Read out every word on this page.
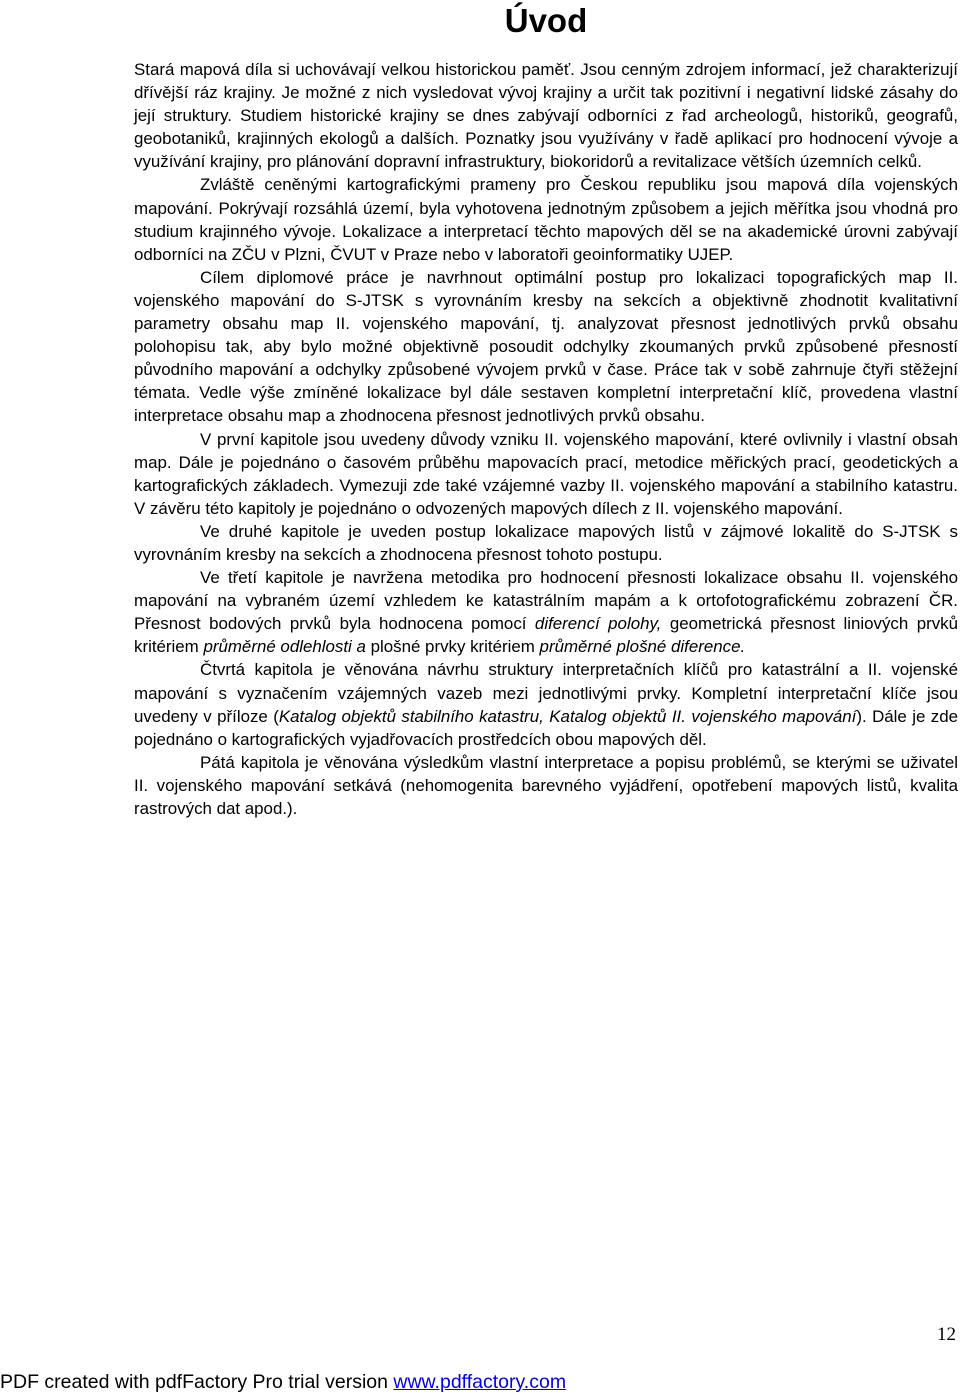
Úvod

Stará mapová díla si uchovávají velkou historickou paměť. Jsou cenným zdrojem informací, jež charakterizují dřívější ráz krajiny. Je možné z nich vysledovat vývoj krajiny a určit tak pozitivní i negativní lidské zásahy do její struktury. Studiem historické krajiny se dnes zabývají odborníci z řad archeologů, historiků, geografů, geobotaniků, krajinných ekologů a dalších. Poznatky jsou využívány v řadě aplikací pro hodnocení vývoje a využívání krajiny, pro plánování dopravní infrastruktury, biokoridorů a revitalizace větších územních celků.

Zvláště ceněnými kartografickými prameny pro Českou republiku jsou mapová díla vojenských mapování. Pokrývají rozsáhlá území, byla vyhotovena jednotným způsobem a jejich měřítka jsou vhodná pro studium krajinného vývoje. Lokalizace a interpretací těchto mapových děl se na akademické úrovni zabývají odborníci na ZČU v Plzni, ČVUT v Praze nebo v laboratoři geoinformatiky UJEP.

Cílem diplomové práce je navrhnout optimální postup pro lokalizaci topografických map II. vojenského mapování do S-JTSK s vyrovnáním kresby na sekcích a objektivně zhodnotit kvalitativní parametry obsahu map II. vojenského mapování, tj. analyzovat přesnost jednotlivých prvků obsahu polohopisu tak, aby bylo možné objektivně posoudit odchylky zkoumaných prvků způsobené přesností původního mapování a odchylky způsobené vývojem prvků v čase. Práce tak v sobě zahrnuje čtyři stěžejní témata. Vedle výše zmíněné lokalizace byl dále sestaven kompletní interpretační klíč, provedena vlastní interpretace obsahu map a zhodnocena přesnost jednotlivých prvků obsahu.

V první kapitole jsou uvedeny důvody vzniku II. vojenského mapování, které ovlivnily i vlastní obsah map. Dále je pojednáno o časovém průběhu mapovacích prací, metodice měřických prací, geodetických a kartografických základech. Vymezuji zde také vzájemné vazby II. vojenského mapování a stabilního katastru. V závěru této kapitoly je pojednáno o odvozených mapových dílech z II. vojenského mapování.

Ve druhé kapitole je uveden postup lokalizace mapových listů v zájmové lokalitě do S-JTSK s vyrovnáním kresby na sekcích a zhodnocena přesnost tohoto postupu.

Ve třetí kapitole je navržena metodika pro hodnocení přesnosti lokalizace obsahu II. vojenského mapování na vybraném území vzhledem ke katastrálním mapám a k ortofotografickému zobrazení ČR. Přesnost bodových prvků byla hodnocena pomocí diferencí polohy, geometrická přesnost liniových prvků kritériem průměrné odlehlosti a plošné prvky kritériem průměrné plošné diference.

Čtvrtá kapitola je věnována návrhu struktury interpretačních klíčů pro katastrální a II. vojenské mapování s vyznačením vzájemných vazeb mezi jednotlivými prvky. Kompletní interpretační klíče jsou uvedeny v příloze (Katalog objektů stabilního katastru, Katalog objektů II. vojenského mapování). Dále je zde pojednáno o kartografických vyjadřovacích prostředcích obou mapových děl.

Pátá kapitola je věnována výsledkům vlastní interpretace a popisu problémů, se kterými se uživatel II. vojenského mapování setkává (nehomogenita barevného vyjádření, opotřebení mapových listů, kvalita rastrových dat apod.).

12
PDF created with pdfFactory Pro trial version www.pdffactory.com
